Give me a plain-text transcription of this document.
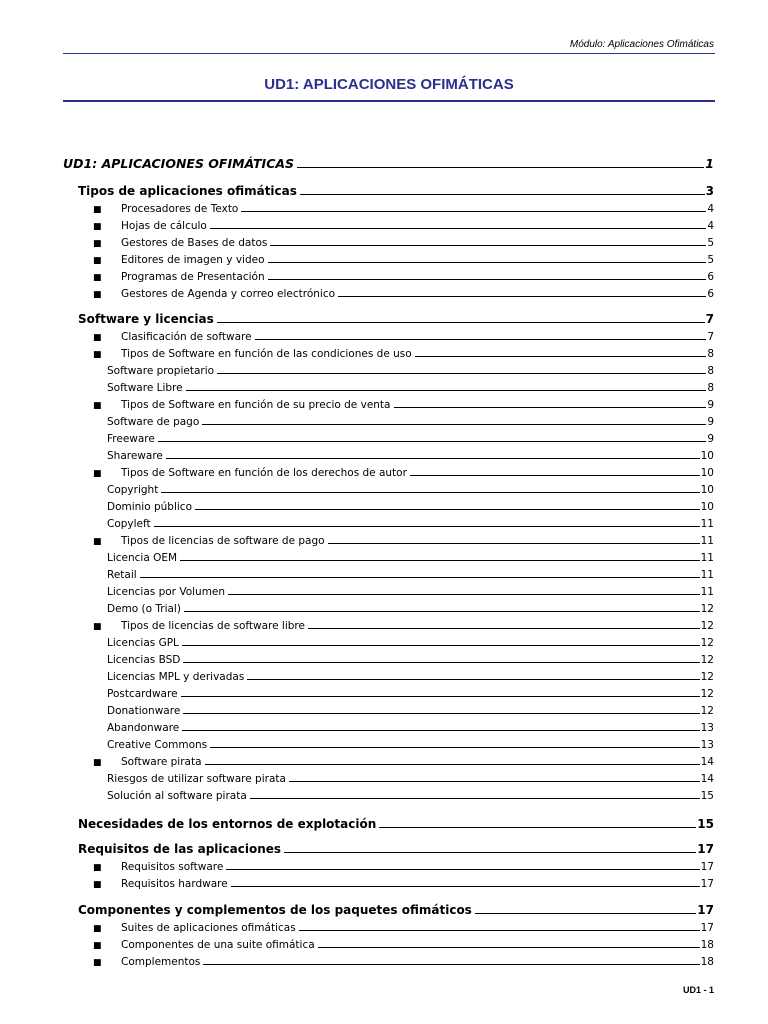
Módulo: Aplicaciones Ofimáticas
UD1: APLICACIONES OFIMÁTICAS
UD1: APLICACIONES OFIMÁTICAS	1
Tipos de aplicaciones ofimáticas	3
■ Procesadores de Texto	4
■ Hojas de cálculo	4
■ Gestores de Bases de datos	5
■ Editores de imagen y video	5
■ Programas de Presentación	6
■ Gestores de Agenda y correo electrónico	6
Software y licencias	7
■ Clasificación de software	7
■ Tipos de Software en función de las condiciones de uso	8
Software propietario	8
Software Libre	8
■ Tipos de Software en función de su precio de venta	9
Software de pago	9
Freeware	9
Shareware	10
■ Tipos de Software en función de los derechos de autor	10
Copyright	10
Dominio público	10
Copyleft	11
■ Tipos de licencias de software de pago	11
Licencia OEM	11
Retail	11
Licencias por Volumen	11
Demo (o Trial)	12
■ Tipos de licencias de software libre	12
Licencias GPL	12
Licencias BSD	12
Licencias MPL y derivadas	12
Postcardware	12
Donationware	12
Abandonware	13
Creative Commons	13
■ Software pirata	14
Riesgos de utilizar software pirata	14
Solución al software pirata	15
Necesidades de los entornos de explotación	15
Requisitos de las aplicaciones	17
■ Requisitos software	17
■ Requisitos hardware	17
Componentes y complementos de los paquetes ofimáticos	17
■ Suites de aplicaciones ofimáticas	17
■ Componentes de una suite ofimática	18
■ Complementos	18
UD1 - 1
